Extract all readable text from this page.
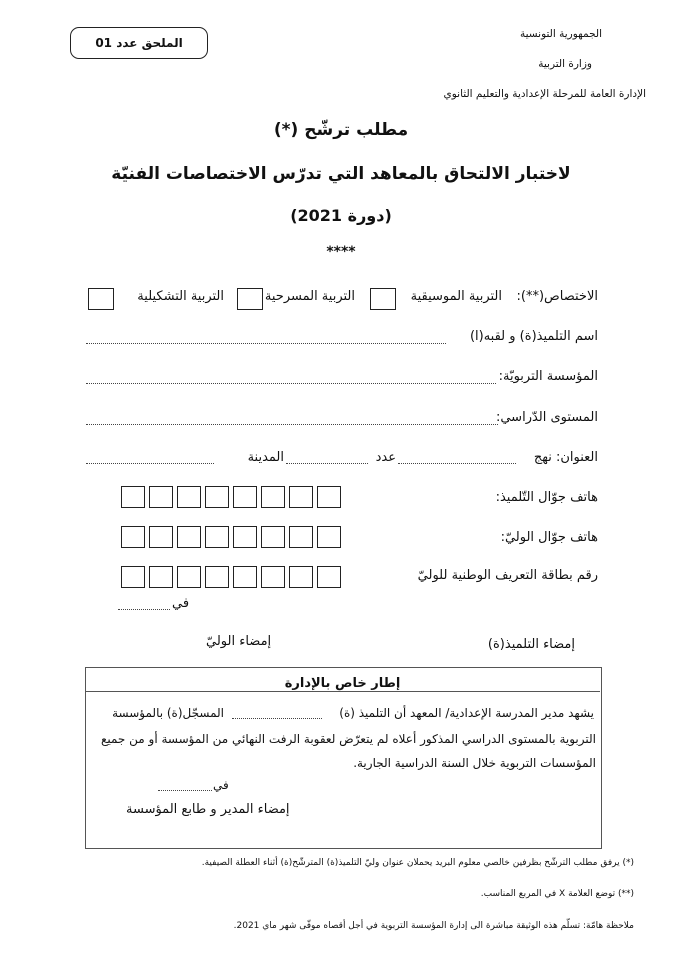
الملحق عدد 01
الجمهورية التونسية
وزارة التربية
الإدارة العامة للمرحلة الإعدادية والتعليم الثانوي
مطلب ترشّح (*)
لاختبار الالتحاق بالمعاهد التي تدرّس الاختصاصات الفنيّة
(دورة 2021)
****
الاختصاص(**):
التربية الموسيقية
التربية المسرحية
التربية التشكيلية
اسم التلميذ(ة) و لقبه(ا)
المؤسسة التربويّة:
المستوى الدّراسي:
العنوان: نهج
عدد
المدينة
هاتف جوّال التّلميذ:
هاتف جوّال الوليّ:
رقم بطاقة التعريف الوطنية للوليّ
في
إمضاء الوليّ	إمضاء التلميذ(ة)
إطار خاص بالإدارة
يشهد مدير المدرسة الإعدادية/ المعهد أن التلميذ (ة)
المسجّل(ة) بالمؤسسة
التربوية بالمستوى الدراسي المذكور أعلاه لم يتعرّض لعقوبة الرفت النهائي من المؤسسة أو من جميع
المؤسسات التربوية خلال السنة الدراسية الجارية.
في
إمضاء المدير و طابع المؤسسة
(*) يرفق مطلب الترشّح بظرفين خالصي معلوم البريد يحملان عنوان وليّ التلميذ(ة) المترشّح(ة) أثناء العطلة الصيفية.
(**) توضع العلامة X في المربع المناسب.
ملاحظة هامّة: تسلّم هذه الوثيقة مباشرة الى إدارة المؤسسة التربوية في أجل أقصاه موفّى شهر ماي 2021.
